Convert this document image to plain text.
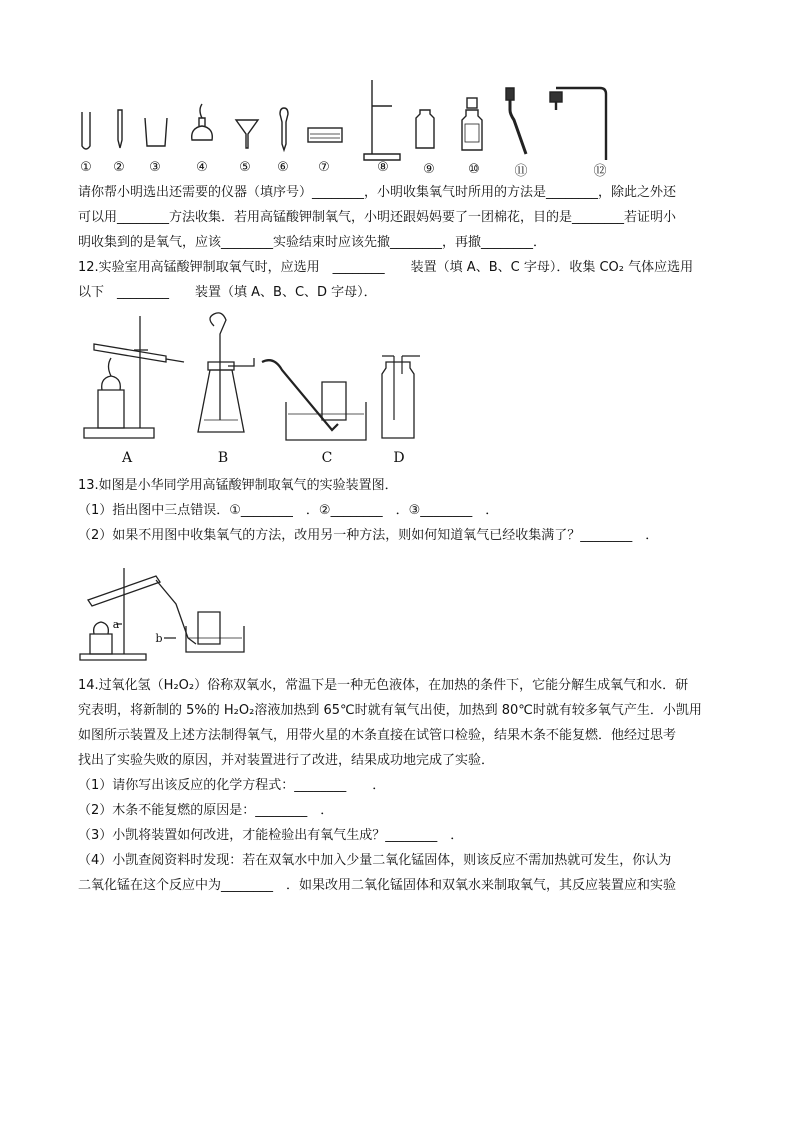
①	②	③	④	⑤	⑥	⑦	⑧	⑨	⑩	⑪	⑫
请你帮小明选出还需要的仪器（填序号）________，小明收集氧气时所用的方法是________，除此之外还
可以用________方法收集．若用高锰酸钾制氧气，小明还跟妈妈要了一团棉花，目的是________若证明小
明收集到的是氧气，应该________实验结束时应该先撤________，再撤________．
12.实验室用高锰酸钾制取氧气时，应选用　________　　装置（填 A、B、C 字母）．收集 CO₂ 气体应选用
以下　________　　装置（填 A、B、C、D 字母）．
A	B	C	D
13.如图是小华同学用高锰酸钾制取氧气的实验装置图．
（1）指出图中三点错误．①________　．②________　．③________　．
（2）如果不用图中收集氧气的方法，改用另一种方法，则如何知道氧气已经收集满了？________　．
a
b
14.过氧化氢（H₂O₂）俗称双氧水，常温下是一种无色液体，在加热的条件下，它能分解生成氧气和水．研
究表明，将新制的 5%的 H₂O₂溶液加热到 65℃时就有氧气出使，加热到 80℃时就有较多氧气产生．小凯用
如图所示装置及上述方法制得氧气，用带火星的木条直接在试管口检验，结果木条不能复燃．他经过思考
找出了实验失败的原因，并对装置进行了改进，结果成功地完成了实验．
（1）请你写出该反应的化学方程式：________　　．
（2）木条不能复燃的原因是：________　．
（3）小凯将装置如何改进，才能检验出有氧气生成？________　．
（4）小凯查阅资料时发现：若在双氧水中加入少量二氧化锰固体，则该反应不需加热就可发生，你认为
二氧化锰在这个反应中为________　．如果改用二氧化锰固体和双氧水来制取氧气，其反应装置应和实验
